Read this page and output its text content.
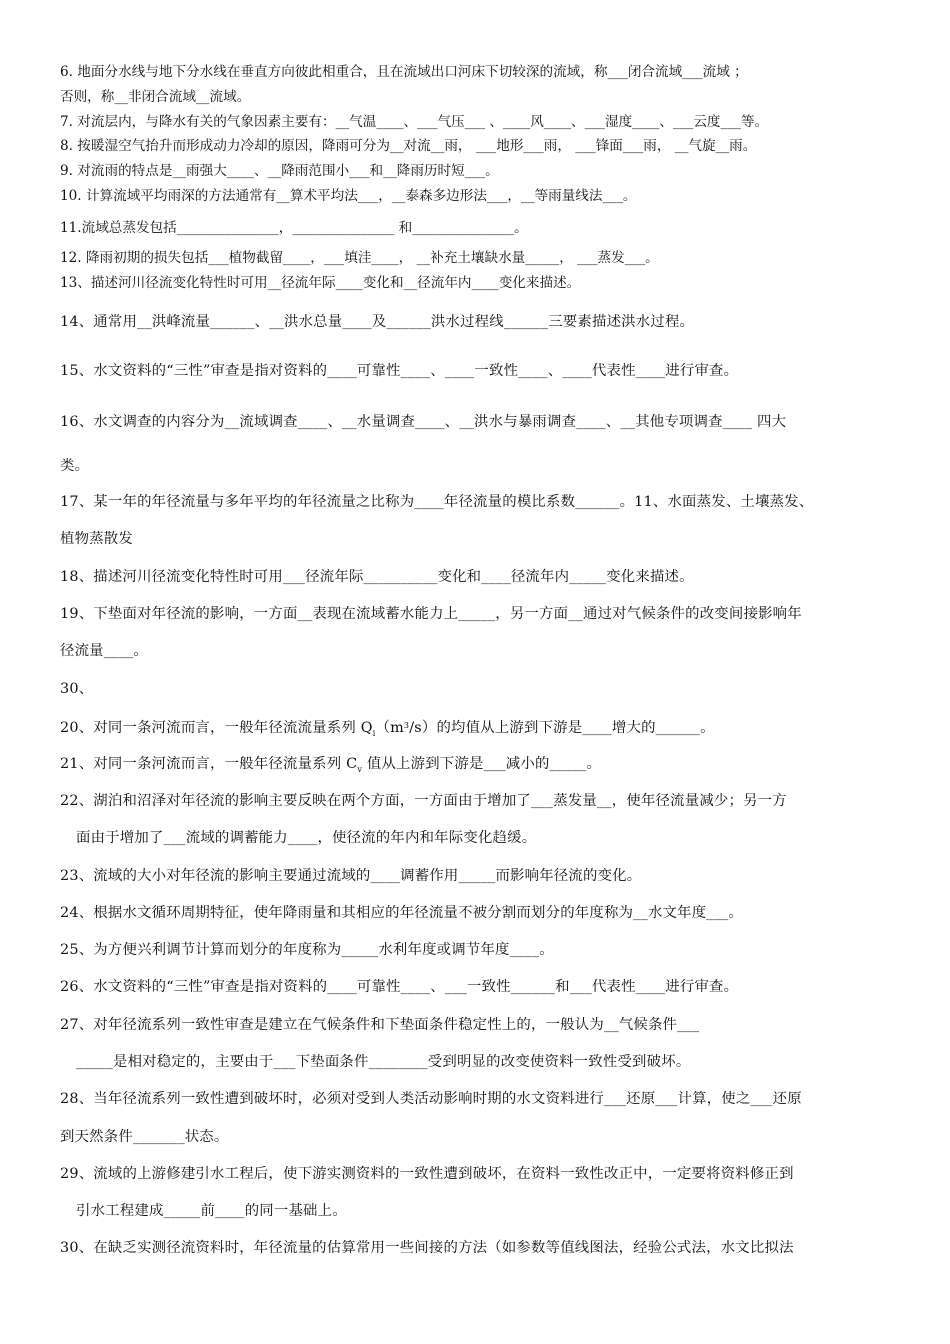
6. 地面分水线与地下分水线在垂直方向彼此相重合，且在流域出口河床下切较深的流域，称___闭合流域___流域 ；
否则，称__非闭合流域__流域。
7. 对流层内，与降水有关的气象因素主要有：__气温____、___气压___ 、____风____、___湿度____、___云度___等。
8. 按暖湿空气抬升而形成动力冷却的原因，降雨可分为__对流__雨， ___地形___雨， ___锋面___雨， __气旋__雨。
9. 对流雨的特点是__雨强大____、__降雨范围小___和__降雨历时短___。
10. 计算流域平均雨深的方法通常有__算术平均法___，__泰森多边形法___，__等雨量线法___。
11.流域总蒸发包括_______________，_______________ 和_______________。
12. 降雨初期的损失包括___植物截留____，___填洼____， __补充土壤缺水量_____， ___蒸发___。
13、描述河川径流变化特性时可用__径流年际____变化和__径流年内____变化来描述。
14、通常用__洪峰流量______、__洪水总量____及______洪水过程线______三要素描述洪水过程。
15、水文资料的“三性”审查是指对资料的____可靠性____、____一致性____、____代表性____进行审查。
16、水文调查的内容分为__流域调查____、__水量调查____、__洪水与暴雨调查____、__其他专项调查____ 四大
类。
17、某一年的年径流量与多年平均的年径流量之比称为____年径流量的模比系数______。11、水面蒸发、土壤蒸发、
植物蒸散发
18、描述河川径流变化特性时可用___径流年际__________变化和____径流年内_____变化来描述。
19、下垫面对年径流的影响，一方面__表现在流域蓄水能力上_____，另一方面__通过对气候条件的改变间接影响年
径流量____。
30、
20、对同一条河流而言，一般年径流流量系列 $Q_i(m^3/s)$的均值从上游到下游是____增大的______。
21、对同一条河流而言，一般年径流量系列 $C_v$ 值从上游到下游是___减小的_____。
22、湖泊和沼泽对年径流的影响主要反映在两个方面，一方面由于增加了___蒸发量__，使年径流量减少；另一方
面由于增加了___流域的调蓄能力____，使径流的年内和年际变化趋缓。
23、流域的大小对年径流的影响主要通过流域的____调蓄作用_____而影响年径流的变化。
24、根据水文循环周期特征，使年降雨量和其相应的年径流量不被分割而划分的年度称为__水文年度___。
25、为方便兴利调节计算而划分的年度称为_____水利年度或调节年度____。
26、水文资料的“三性”审查是指对资料的____可靠性____、___一致性______和___代表性____进行审查。
27、对年径流系列一致性审查是建立在气候条件和下垫面条件稳定性上的，一般认为__气候条件___
_____是相对稳定的，主要由于___下垫面条件________受到明显的改变使资料一致性受到破坏。
28、当年径流系列一致性遭到破坏时，必须对受到人类活动影响时期的水文资料进行___还原___计算，使之___还原
到天然条件_______状态。
29、流域的上游修建引水工程后，使下游实测资料的一致性遭到破坏，在资料一致性改正中，一定要将资料修正到
引水工程建成_____前____的同一基础上。
30、在缺乏实测径流资料时，年径流量的估算常用一些间接的方法（如参数等值线图法，经验公式法，水文比拟法
